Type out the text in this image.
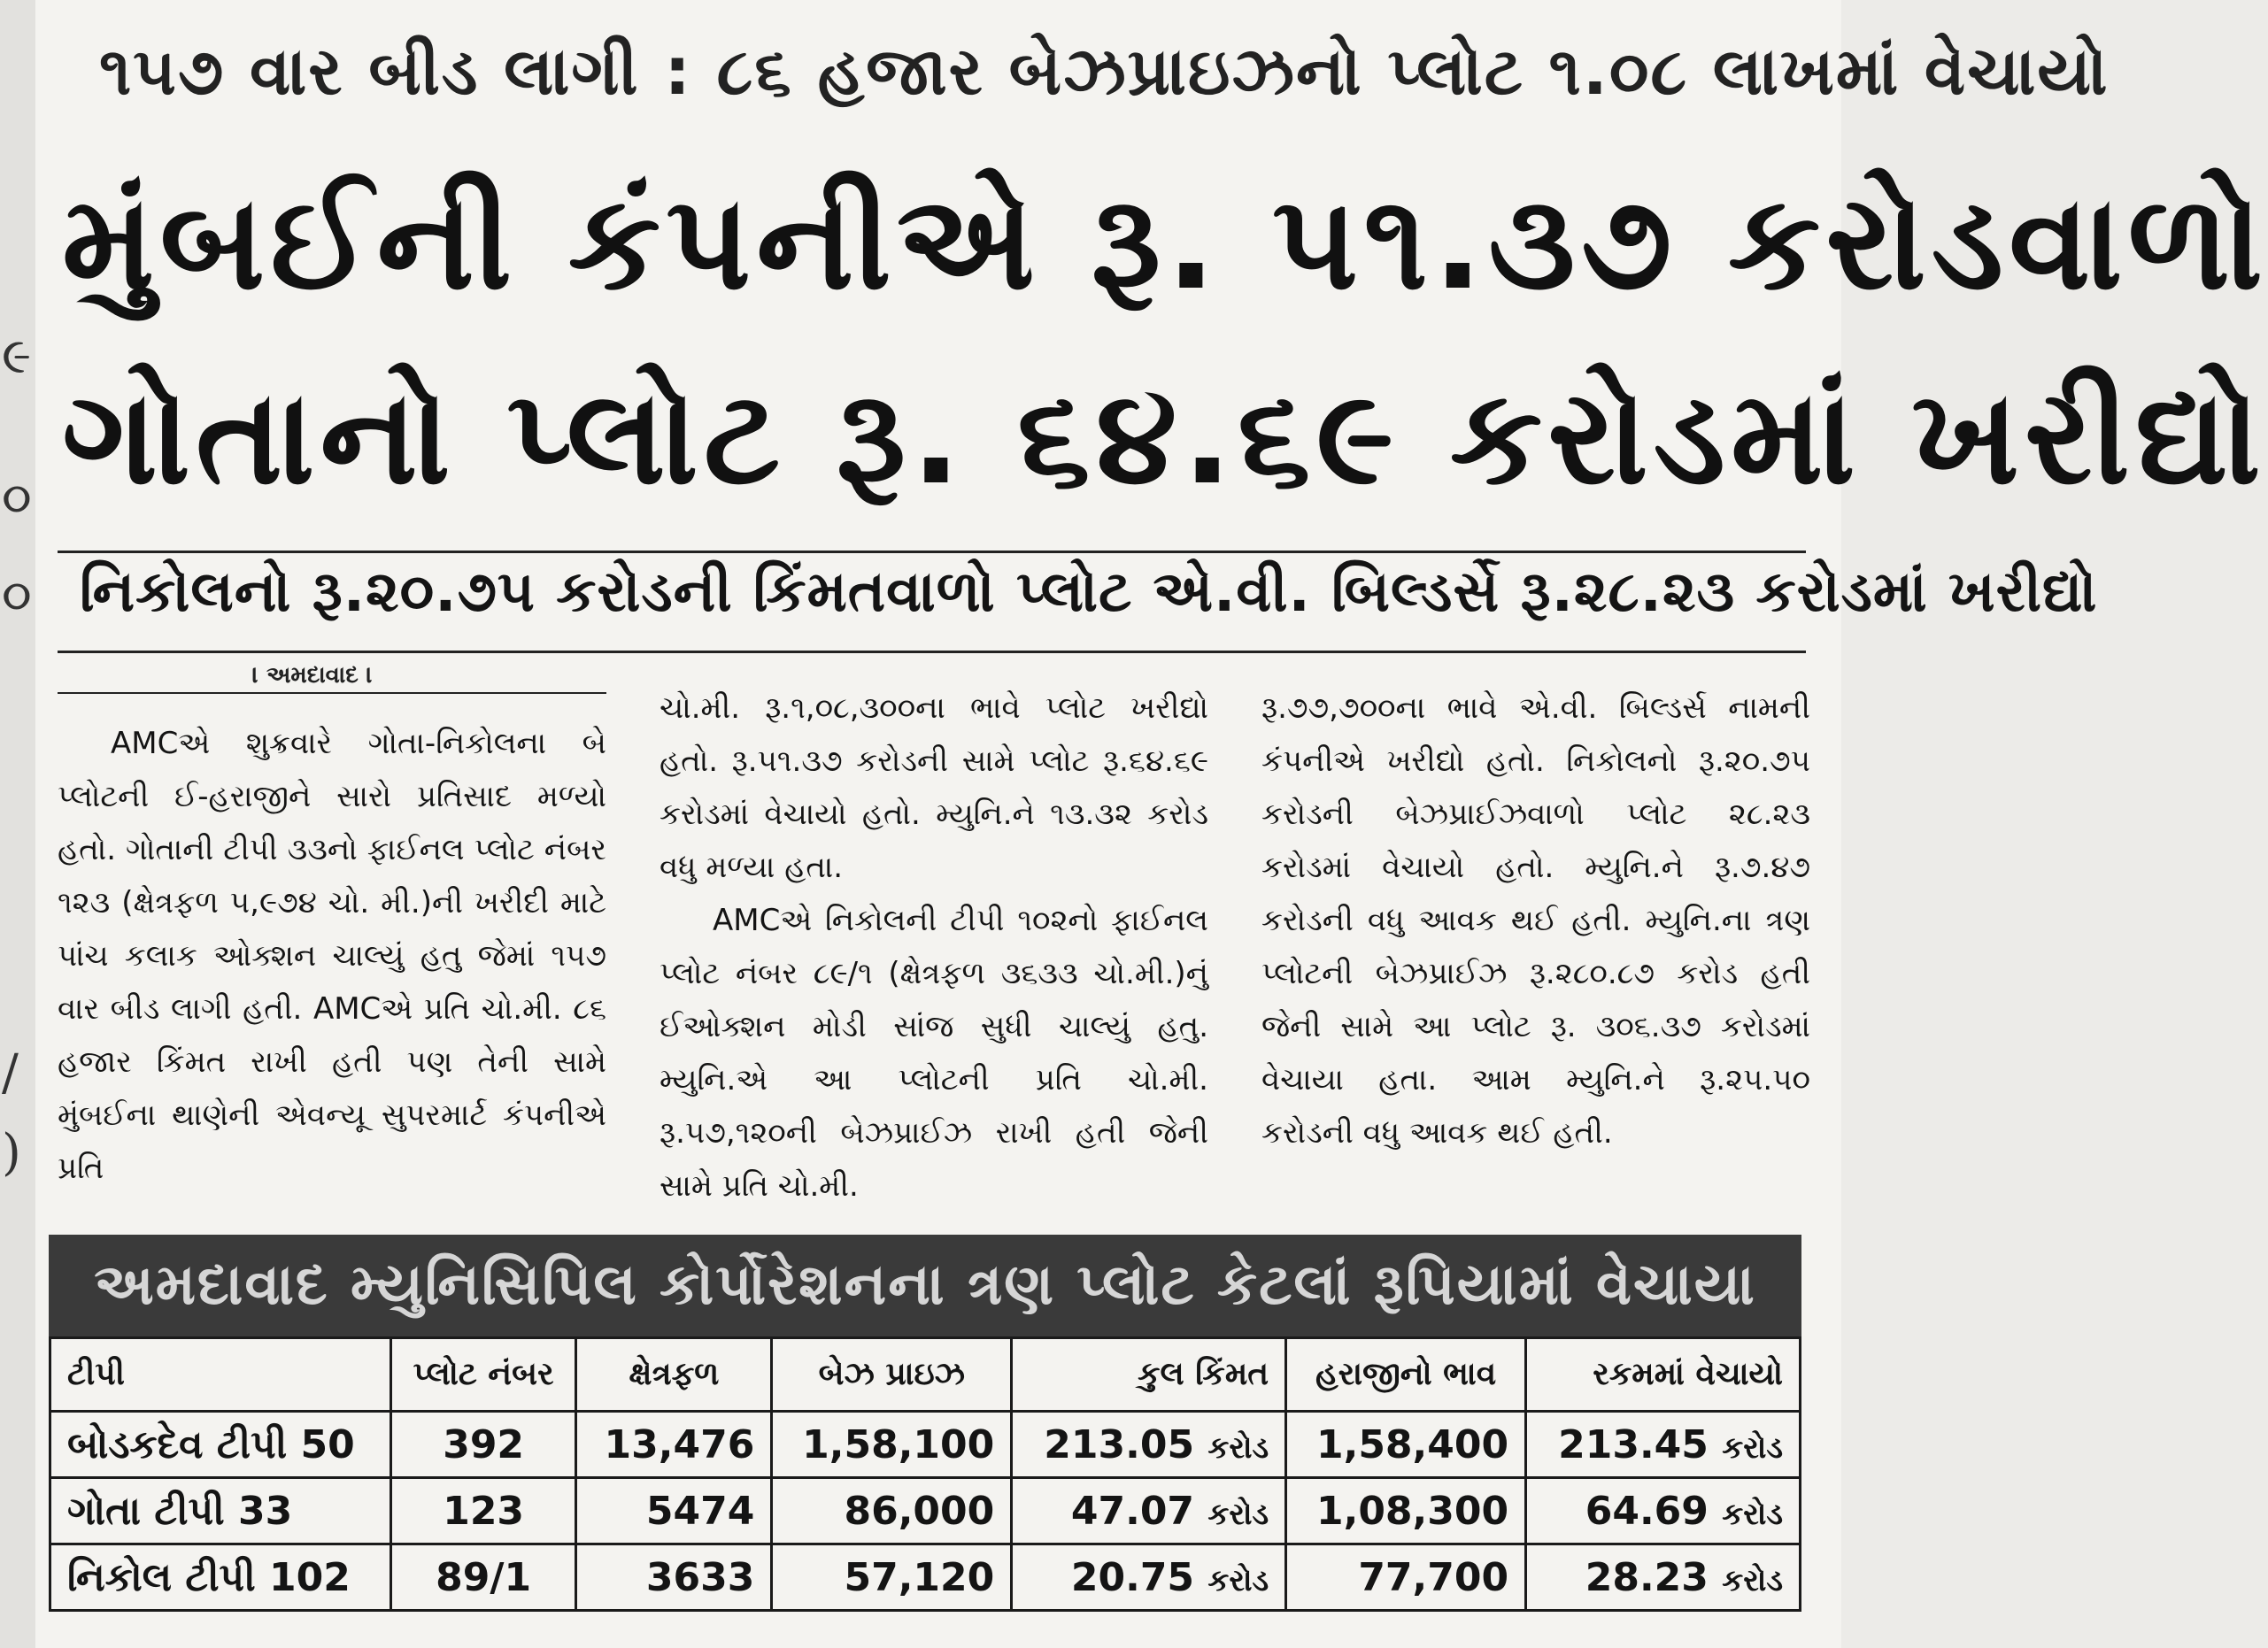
૯
૦
૦
/
)
૧૫૭ વાર બીડ લાગી : ૮૬ હજાર બેઝપ્રાઇઝનો પ્લોટ ૧.૦૮ લાખમાં વેચાયો
મુંબઈની કંપનીએ રૂ. ૫૧.૩૭ કરોડવાળો
ગોતાનો પ્લોટ રૂ. ૬૪.૬૯ કરોડમાં ખરીદ્યો
નિકોલનો રૂ.૨૦.૭૫ કરોડની કિંમતવાળો પ્લોટ એ.વી. બિલ્ડર્સે રૂ.૨૮.૨૩ કરોડમાં ખરીદ્યો
। અમદાવાદ ।

AMCએ શુક્રવારે ગોતા-નિકોલના બે પ્લોટની ઈ-હરાજીને સારો પ્રતિસાદ મળ્યો હતો. ગોતાની ટીપી ૩૩નો ફાઈનલ પ્લોટ નંબર ૧૨૩ (ક્ષેત્રફળ ૫,૯૭૪ ચો. મી.)ની ખરીદી માટે પાંચ કલાક ઓક્શન ચાલ્યું હતુ જેમાં ૧૫૭ વાર બીડ લાગી હતી. AMCએ પ્રતિ ચો.મી. ૮૬ હજાર કિંમત રાખી હતી પણ તેની સામે મુંબઈના થાણેની એવન્યૂ સુપરમાર્ટ કંપનીએ પ્રતિ

ચો.મી. રૂ.૧,૦૮,૩૦૦ના ભાવે પ્લોટ ખરીદ્યો હતો. રૂ.૫૧.૩૭ કરોડની સામે પ્લોટ રૂ.૬૪.૬૯ કરોડમાં વેચાયો હતો. મ્યુનિ.ને ૧૩.૩૨ કરોડ વધુ મળ્યા હતા.

AMCએ નિકોલની ટીપી ૧૦૨નો ફાઈનલ પ્લોટ નંબર ૮૯/૧ (ક્ષેત્રફળ ૩૬૩૩ ચો.મી.)નું ઈઓક્શન મોડી સાંજ સુધી ચાલ્યું હતુ. મ્યુનિ.એ આ પ્લોટની પ્રતિ ચો.મી. રૂ.૫૭,૧૨૦ની બેઝપ્રાઈઝ રાખી હતી જેની સામે પ્રતિ ચો.મી.

રૂ.૭૭,૭૦૦ના ભાવે એ.વી. બિલ્ડર્સ નામની કંપનીએ ખરીદ્યો હતો. નિકોલનો રૂ.૨૦.૭૫ કરોડની બેઝપ્રાઈઝવાળો પ્લોટ ૨૮.૨૩ કરોડમાં વેચાયો હતો. મ્યુનિ.ને રૂ.૭.૪૭ કરોડની વધુ આવક થઈ હતી. મ્યુનિ.ના ત્રણ પ્લોટની બેઝપ્રાઈઝ રૂ.૨૮૦.૮૭ કરોડ હતી જેની સામે આ પ્લોટ રૂ. ૩૦૬.૩૭ કરોડમાં વેચાયા હતા. આમ મ્યુનિ.ને રૂ.૨૫.૫૦ કરોડની વધુ આવક થઈ હતી.

અમદાવાદ મ્યુનિસિપિલ કોર્પોરેશનના ત્રણ પ્લોટ કેટલાં રૂપિયામાં વેચાયા
ટીપી	પ્લોટ નંબર	ક્ષેત્રફળ	બેઝ પ્રાઇઝ	કુલ કિંમત	હરાજીનો ભાવ	રકમમાં વેચાયો
બોડકદેવ ટીપી 50	392	13,476	1,58,100	213.05 કરોડ	1,58,400	213.45 કરોડ
ગોતા ટીપી 33	123	5474	86,000	47.07 કરોડ	1,08,300	64.69 કરોડ
નિકોલ ટીપી 102	89/1	3633	57,120	20.75 કરોડ	77,700	28.23 કરોડ
